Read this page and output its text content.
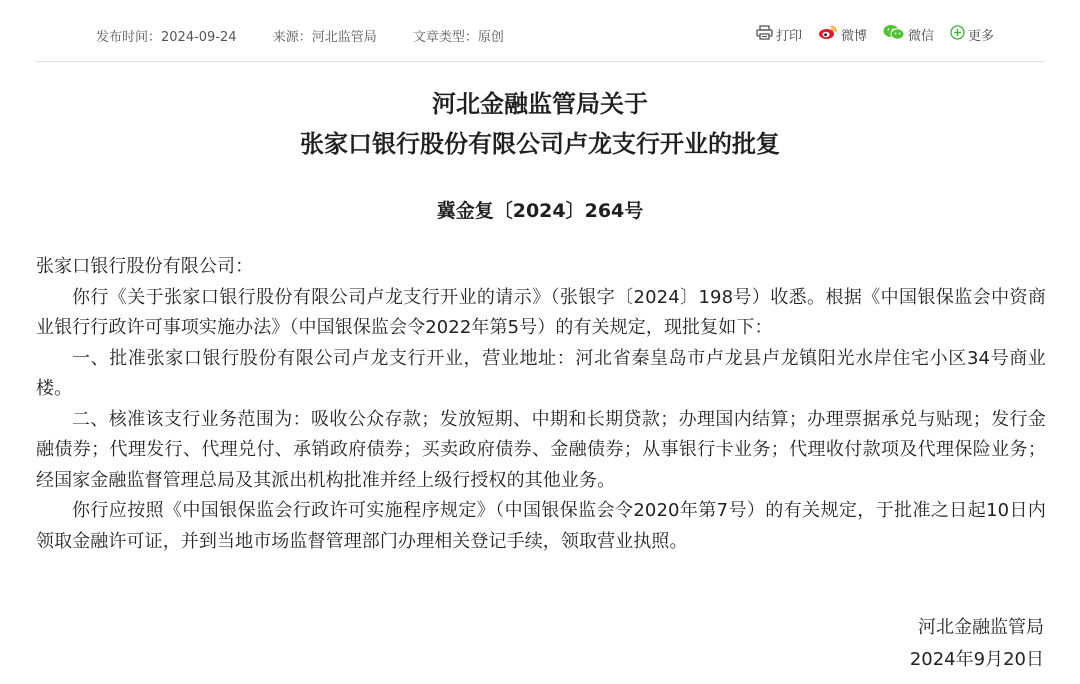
发布时间：2024-09-24	来源：河北监管局	文章类型：原创	打印	微博	微信	更多
河北金融监管局关于
张家口银行股份有限公司卢龙支行开业的批复
冀金复〔2024〕264号

张家口银行股份有限公司：

你行《关于张家口银行股份有限公司卢龙支行开业的请示》（张银字〔2024〕198号）收悉。根据《中国银保监会中资商业银行行政许可事项实施办法》（中国银保监会令2022年第5号）的有关规定，现批复如下：

一、批准张家口银行股份有限公司卢龙支行开业，营业地址：河北省秦皇岛市卢龙县卢龙镇阳光水岸住宅小区34号商业楼。

二、核准该支行业务范围为：吸收公众存款；发放短期、中期和长期贷款；办理国内结算；办理票据承兑与贴现；发行金融债券；代理发行、代理兑付、承销政府债券；买卖政府债券、金融债券；从事银行卡业务；代理收付款项及代理保险业务；经国家金融监督管理总局及其派出机构批准并经上级行授权的其他业务。

你行应按照《中国银保监会行政许可实施程序规定》（中国银保监会令2020年第7号）的有关规定，于批准之日起10日内领取金融许可证，并到当地市场监督管理部门办理相关登记手续，领取营业执照。

河北金融监管局
2024年9月20日
